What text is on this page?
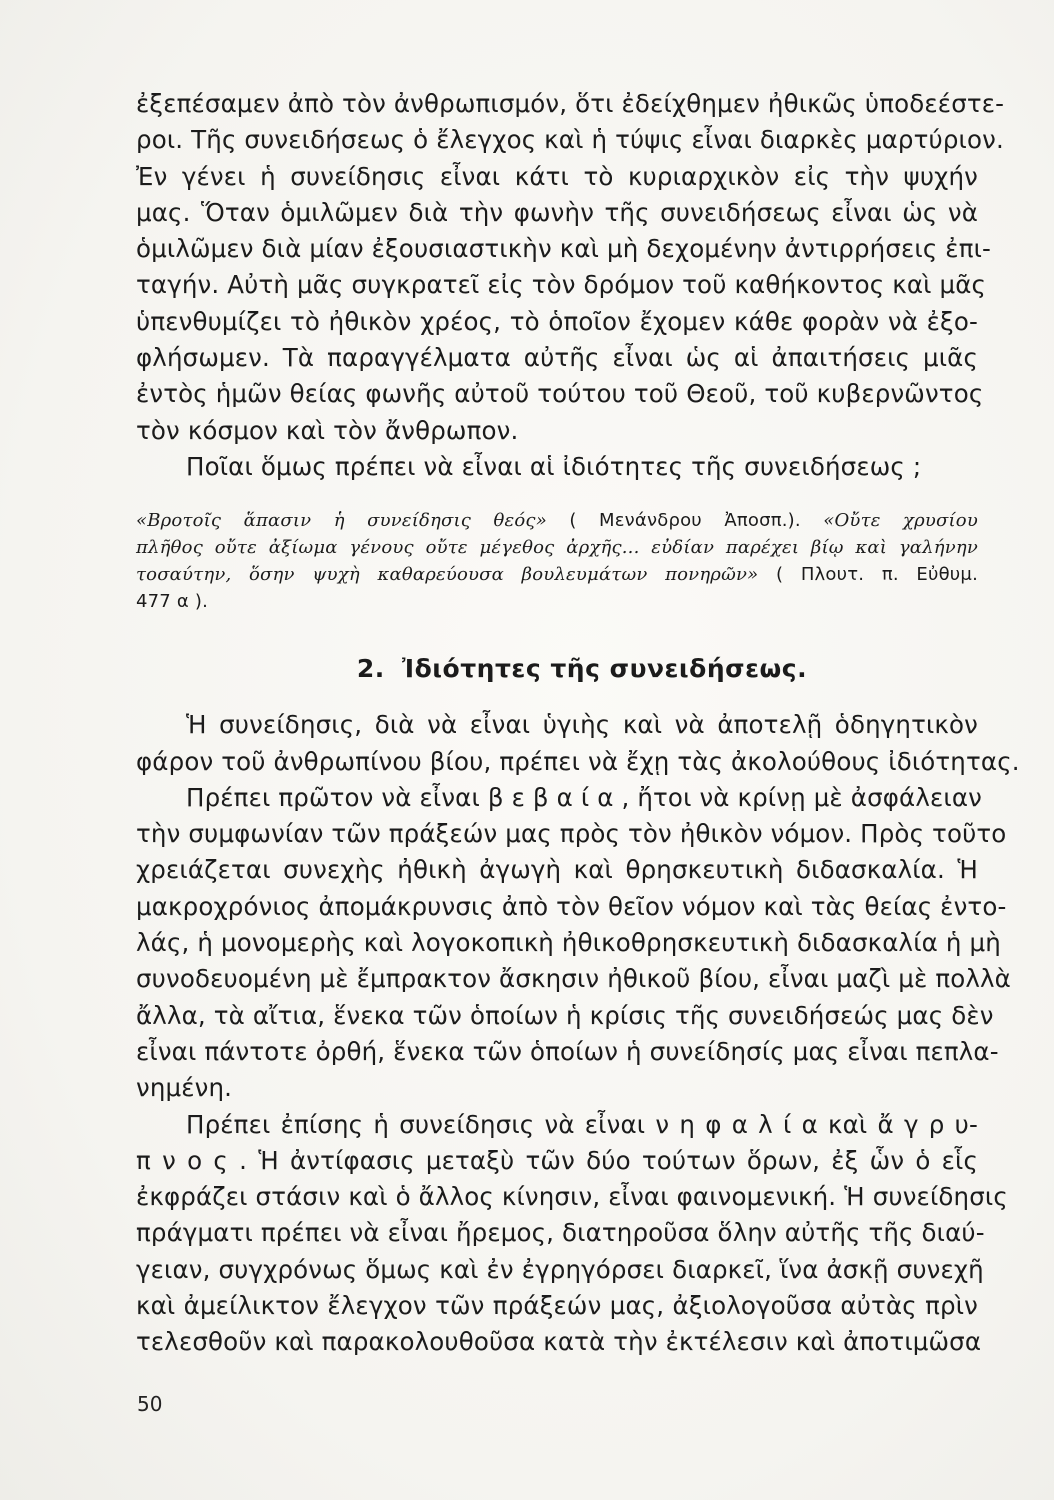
ἐξεπέσαμεν ἀπὸ τὸν ἀνθρωπισμόν, ὅτι ἐδείχθημεν ἠθικῶς ὑποδεέστε-
ροι. Τῆς συνειδήσεως ὁ ἔλεγχος καὶ ἡ τύψις εἶναι διαρκὲς μαρτύριον.
Ἐν γένει ἡ συνείδησις εἶναι κάτι τὸ κυριαρχικὸν εἰς τὴν ψυχήν
μας. Ὅταν ὁμιλῶμεν διὰ τὴν φωνὴν τῆς συνειδήσεως εἶναι ὡς νὰ
ὁμιλῶμεν διὰ μίαν ἐξουσιαστικὴν καὶ μὴ δεχομένην ἀντιρρήσεις ἐπι-
ταγήν. Αὐτὴ μᾶς συγκρατεῖ εἰς τὸν δρόμον τοῦ καθήκοντος καὶ μᾶς
ὑπενθυμίζει τὸ ἠθικὸν χρέος, τὸ ὁποῖον ἔχομεν κάθε φορὰν νὰ ἐξο-
φλήσωμεν. Τὰ παραγγέλματα αὐτῆς εἶναι ὡς αἱ ἀπαιτήσεις μιᾶς
ἐντὸς ἡμῶν θείας φωνῆς αὐτοῦ τούτου τοῦ Θεοῦ, τοῦ κυβερνῶντος
τὸν κόσμον καὶ τὸν ἄνθρωπον.
Ποῖαι ὅμως πρέπει νὰ εἶναι αἱ ἰδιότητες τῆς συνειδήσεως ;
«Βροτοῖς ἅπασιν ἡ συνείδησις θεός» ( Μενάνδρου Ἀποσπ.). «Οὔτε χρυσίου
πλῆθος οὔτε ἀξίωμα γένους οὔτε μέγεθος ἀρχῆς... εὐδίαν παρέχει βίῳ καὶ γαλήνην
τοσαύτην, ὅσην ψυχὴ καθαρεύουσα βουλευμάτων πονηρῶν» ( Πλουτ. π. Εὐθυμ.
477 α ).
2. Ἰδιότητες τῆς συνειδήσεως.
Ἡ συνείδησις, διὰ νὰ εἶναι ὑγιὴς καὶ νὰ ἀποτελῇ ὁδηγητικὸν
φάρον τοῦ ἀνθρωπίνου βίου, πρέπει νὰ ἔχῃ τὰς ἀκολούθους ἰδιότητας.
Πρέπει πρῶτον νὰ εἶναι β ε β α ί α , ἤτοι νὰ κρίνῃ μὲ ἀσφάλειαν
τὴν συμφωνίαν τῶν πράξεών μας πρὸς τὸν ἠθικὸν νόμον. Πρὸς τοῦτο
χρειάζεται συνεχὴς ἠθικὴ ἀγωγὴ καὶ θρησκευτικὴ διδασκαλία. Ἡ
μακροχρόνιος ἀπομάκρυνσις ἀπὸ τὸν θεῖον νόμον καὶ τὰς θείας ἐντο-
λάς, ἡ μονομερὴς καὶ λογοκοπικὴ ἠθικοθρησκευτικὴ διδασκαλία ἡ μὴ
συνοδευομένη μὲ ἔμπρακτον ἄσκησιν ἠθικοῦ βίου, εἶναι μαζὶ μὲ πολλὰ
ἄλλα, τὰ αἴτια, ἕνεκα τῶν ὁποίων ἡ κρίσις τῆς συνειδήσεώς μας δὲν
εἶναι πάντοτε ὀρθή, ἕνεκα τῶν ὁποίων ἡ συνείδησίς μας εἶναι πεπλα-
νημένη.
Πρέπει ἐπίσης ἡ συνείδησις νὰ εἶναι ν η φ α λ ί α καὶ ἄ γ ρ υ-
π ν ο ς . Ἡ ἀντίφασις μεταξὺ τῶν δύο τούτων ὅρων, ἐξ ὧν ὁ εἷς
ἐκφράζει στάσιν καὶ ὁ ἄλλος κίνησιν, εἶναι φαινομενική. Ἡ συνείδησις
πράγματι πρέπει νὰ εἶναι ἤρεμος, διατηροῦσα ὅλην αὐτῆς τῆς διαύ-
γειαν, συγχρόνως ὅμως καὶ ἐν ἐγρηγόρσει διαρκεῖ, ἵνα ἀσκῇ συνεχῆ
καὶ ἀμείλικτον ἔλεγχον τῶν πράξεών μας, ἀξιολογοῦσα αὐτὰς πρὶν
τελεσθοῦν καὶ παρακολουθοῦσα κατὰ τὴν ἐκτέλεσιν καὶ ἀποτιμῶσα
50
